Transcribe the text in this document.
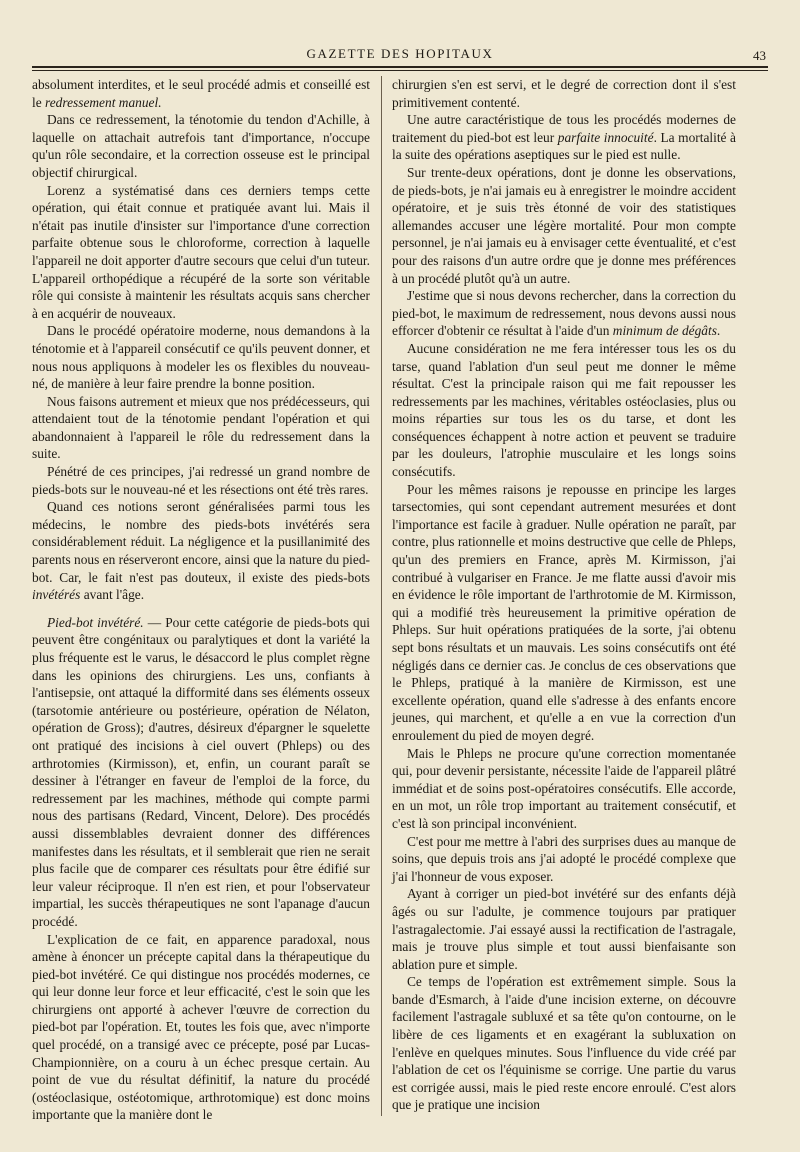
GAZETTE DES HOPITAUX	43

absolument interdites, et le seul procédé admis et conseillé est le redressement manuel.

Dans ce redressement, la ténotomie du tendon d'Achille, à laquelle on attachait autrefois tant d'importance, n'occupe qu'un rôle secondaire, et la correction osseuse est le principal objectif chirurgical.

Lorenz a systématisé dans ces derniers temps cette opération, qui était connue et pratiquée avant lui. Mais il n'était pas inutile d'insister sur l'importance d'une correction parfaite obtenue sous le chloroforme, correction à laquelle l'appareil ne doit apporter d'autre secours que celui d'un tuteur. L'appareil orthopédique a récupéré de la sorte son véritable rôle qui consiste à maintenir les résultats acquis sans chercher à en acquérir de nouveaux.

Dans le procédé opératoire moderne, nous demandons à la ténotomie et à l'appareil consécutif ce qu'ils peuvent donner, et nous nous appliquons à modeler les os flexibles du nouveau-né, de manière à leur faire prendre la bonne position.

Nous faisons autrement et mieux que nos prédécesseurs, qui attendaient tout de la ténotomie pendant l'opération et qui abandonnaient à l'appareil le rôle du redressement dans la suite.

Pénétré de ces principes, j'ai redressé un grand nombre de pieds-bots sur le nouveau-né et les résections ont été très rares.

Quand ces notions seront généralisées parmi tous les médecins, le nombre des pieds-bots invétérés sera considérablement réduit. La négligence et la pusillanimité des parents nous en réserveront encore, ainsi que la nature du pied-bot. Car, le fait n'est pas douteux, il existe des pieds-bots invétérés avant l'âge.

Pied-bot invétéré. — Pour cette catégorie de pieds-bots qui peuvent être congénitaux ou paralytiques et dont la variété la plus fréquente est le varus, le désaccord le plus complet règne dans les opinions des chirurgiens. Les uns, confiants à l'antisepsie, ont attaqué la difformité dans ses éléments osseux (tarsotomie antérieure ou postérieure, opération de Nélaton, opération de Gross); d'autres, désireux d'épargner le squelette ont pratiqué des incisions à ciel ouvert (Phleps) ou des arthrotomies (Kirmisson), et, enfin, un courant paraît se dessiner à l'étranger en faveur de l'emploi de la force, du redressement par les machines, méthode qui compte parmi nous des partisans (Redard, Vincent, Delore). Des procédés aussi dissemblables devraient donner des différences manifestes dans les résultats, et il semblerait que rien ne serait plus facile que de comparer ces résultats pour être édifié sur leur valeur réciproque. Il n'en est rien, et pour l'observateur impartial, les succès thérapeutiques ne sont l'apanage d'aucun procédé.

L'explication de ce fait, en apparence paradoxal, nous amène à énoncer un précepte capital dans la thérapeutique du pied-bot invétéré. Ce qui distingue nos procédés modernes, ce qui leur donne leur force et leur efficacité, c'est le soin que les chirurgiens ont apporté à achever l'œuvre de correction du pied-bot par l'opération. Et, toutes les fois que, avec n'importe quel procédé, on a transigé avec ce précepte, posé par Lucas-Championnière, on a couru à un échec presque certain. Au point de vue du résultat définitif, la nature du procédé (ostéoclasique, ostéotomique, arthrotomique) est donc moins importante que la manière dont le

chirurgien s'en est servi, et le degré de correction dont il s'est primitivement contenté.

Une autre caractéristique de tous les procédés modernes de traitement du pied-bot est leur parfaite innocuité. La mortalité à la suite des opérations aseptiques sur le pied est nulle.

Sur trente-deux opérations, dont je donne les observations, de pieds-bots, je n'ai jamais eu à enregistrer le moindre accident opératoire, et je suis très étonné de voir des statistiques allemandes accuser une légère mortalité. Pour mon compte personnel, je n'ai jamais eu à envisager cette éventualité, et c'est pour des raisons d'un autre ordre que je donne mes préférences à un procédé plutôt qu'à un autre.

J'estime que si nous devons rechercher, dans la correction du pied-bot, le maximum de redressement, nous devons aussi nous efforcer d'obtenir ce résultat à l'aide d'un minimum de dégâts.

Aucune considération ne me fera intéresser tous les os du tarse, quand l'ablation d'un seul peut me donner le même résultat. C'est la principale raison qui me fait repousser les redressements par les machines, véritables ostéoclasies, plus ou moins réparties sur tous les os du tarse, et dont les conséquences échappent à notre action et peuvent se traduire par les douleurs, l'atrophie musculaire et les longs soins consécutifs.

Pour les mêmes raisons je repousse en principe les larges tarsectomies, qui sont cependant autrement mesurées et dont l'importance est facile à graduer. Nulle opération ne paraît, par contre, plus rationnelle et moins destructive que celle de Phleps, qu'un des premiers en France, après M. Kirmisson, j'ai contribué à vulgariser en France. Je me flatte aussi d'avoir mis en évidence le rôle important de l'arthrotomie de M. Kirmisson, qui a modifié très heureusement la primitive opération de Phleps. Sur huit opérations pratiquées de la sorte, j'ai obtenu sept bons résultats et un mauvais. Les soins consécutifs ont été négligés dans ce dernier cas. Je conclus de ces observations que le Phleps, pratiqué à la manière de Kirmisson, est une excellente opération, quand elle s'adresse à des enfants encore jeunes, qui marchent, et qu'elle a en vue la correction d'un enroulement du pied de moyen degré.

Mais le Phleps ne procure qu'une correction momentanée qui, pour devenir persistante, nécessite l'aide de l'appareil plâtré immédiat et de soins post-opératoires consécutifs. Elle accorde, en un mot, un rôle trop important au traitement consécutif, et c'est là son principal inconvénient.

C'est pour me mettre à l'abri des surprises dues au manque de soins, que depuis trois ans j'ai adopté le procédé complexe que j'ai l'honneur de vous exposer.

Ayant à corriger un pied-bot invétéré sur des enfants déjà âgés ou sur l'adulte, je commence toujours par pratiquer l'astragalectomie. J'ai essayé aussi la rectification de l'astragale, mais je trouve plus simple et tout aussi bienfaisante son ablation pure et simple.

Ce temps de l'opération est extrêmement simple. Sous la bande d'Esmarch, à l'aide d'une incision externe, on découvre facilement l'astragale subluxé et sa tête qu'on contourne, on le libère de ces ligaments et en exagérant la subluxation on l'enlève en quelques minutes. Sous l'influence du vide créé par l'ablation de cet os l'équinisme se corrige. Une partie du varus est corrigée aussi, mais le pied reste encore enroulé. C'est alors que je pratique une incision
